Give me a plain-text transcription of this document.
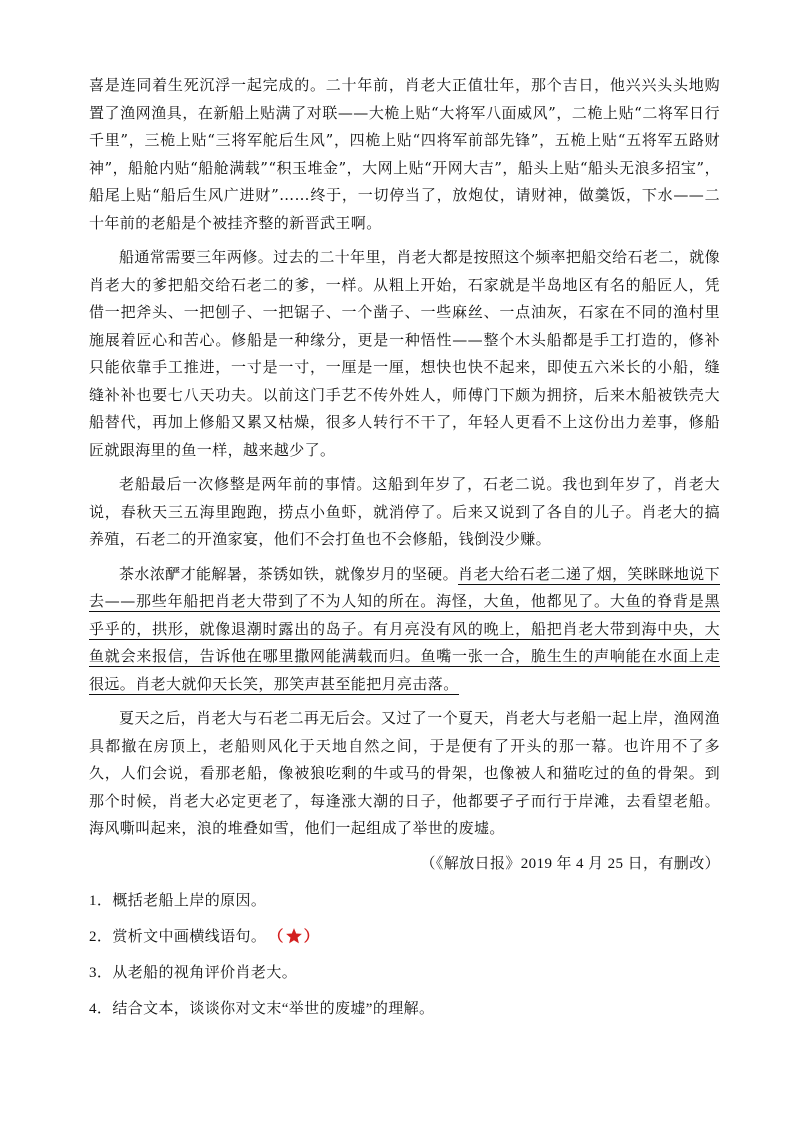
喜是连同着生死沉浮一起完成的。二十年前，肖老大正值壮年，那个吉日，他兴兴头头地购置了渔网渔具，在新船上贴满了对联——大桅上贴“大将军八面威风”，二桅上贴“二将军日行千里”，三桅上贴“三将军舵后生风”，四桅上贴“四将军前部先锋”，五桅上贴“五将军五路财神”，船舱内贴“船舱满载”“积玉堆金”，大网上贴“开网大吉”，船头上贴“船头无浪多招宝”，船尾上贴“船后生风广进财”……终于，一切停当了，放炮仗，请财神，做羹饭，下水——二十年前的老船是个被挂齐整的新晋武王啊。

船通常需要三年两修。过去的二十年里，肖老大都是按照这个频率把船交给石老二，就像肖老大的爹把船交给石老二的爹，一样。从粗上开始，石家就是半岛地区有名的船匠人，凭借一把斧头、一把刨子、一把锯子、一个凿子、一些麻丝、一点油灰，石家在不同的渔村里施展着匠心和苦心。修船是一种缘分，更是一种悟性——整个木头船都是手工打造的，修补只能依靠手工推进，一寸是一寸，一厘是一厘，想快也快不起来，即使五六米长的小船，缝缝补补也要七八天功夫。以前这门手艺不传外姓人，师傅门下颇为拥挤，后来木船被铁壳大船替代，再加上修船又累又枯燥，很多人转行不干了，年轻人更看不上这份出力差事，修船匠就跟海里的鱼一样，越来越少了。

老船最后一次修整是两年前的事情。这船到年岁了，石老二说。我也到年岁了，肖老大说，春秋天三五海里跑跑，捞点小鱼虾，就消停了。后来又说到了各自的儿子。肖老大的搞养殖，石老二的开渔家宴，他们不会打鱼也不会修船，钱倒没少赚。

茶水浓酽才能解暑，茶锈如铁，就像岁月的坚硬。肖老大给石老二递了烟，笑眯眯地说下去——那些年船把肖老大带到了不为人知的所在。海怪，大鱼，他都见了。大鱼的脊背是黑乎乎的，拱形，就像退潮时露出的岛子。有月亮没有风的晚上，船把肖老大带到海中央，大鱼就会来报信，告诉他在哪里撒网能满载而归。鱼嘴一张一合，脆生生的声响能在水面上走很远。肖老大就仰天长笑，那笑声甚至能把月亮击落。

夏天之后，肖老大与石老二再无后会。又过了一个夏天，肖老大与老船一起上岸，渔网渔具都撤在房顶上，老船则风化于天地自然之间，于是便有了开头的那一幕。也许用不了多久，人们会说，看那老船，像被狼吃剩的牛或马的骨架，也像被人和猫吃过的鱼的骨架。到那个时候，肖老大必定更老了，每逢涨大潮的日子，他都要孑孑而行于岸滩，去看望老船。海风嘶叫起来，浪的堆叠如雪，他们一起组成了举世的废墟。

（《解放日报》2019 年 4 月 25 日，有删改）

1． 概括老船上岸的原因。
2． 赏析文中画横线语句。 （ ）
3． 从老船的视角评价肖老大。
4． 结合文本，谈谈你对文末“举世的废墟”的理解。
